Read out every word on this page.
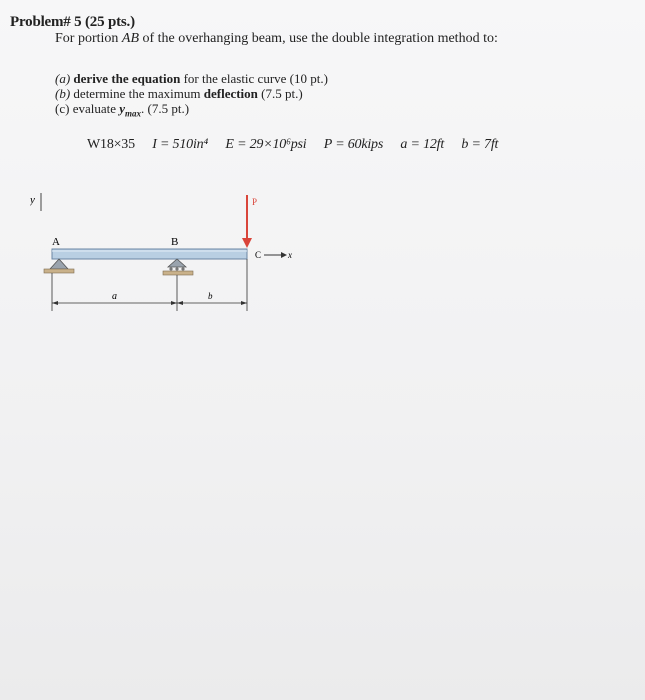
Problem# 5 (25 pts.)
For portion AB of the overhanging beam, use the double integration method to:
(a) derive the equation for the elastic curve (10 pt.)
(b) determine the maximum deflection (7.5 pt.)
(c) evaluate $y_{max}$. (7.5 pt.)
W18×35 I = 510in⁴ E = 29×10⁶psi P = 60kips a = 12ft b = 7ft
y
A	B
P
C	x
a	b
